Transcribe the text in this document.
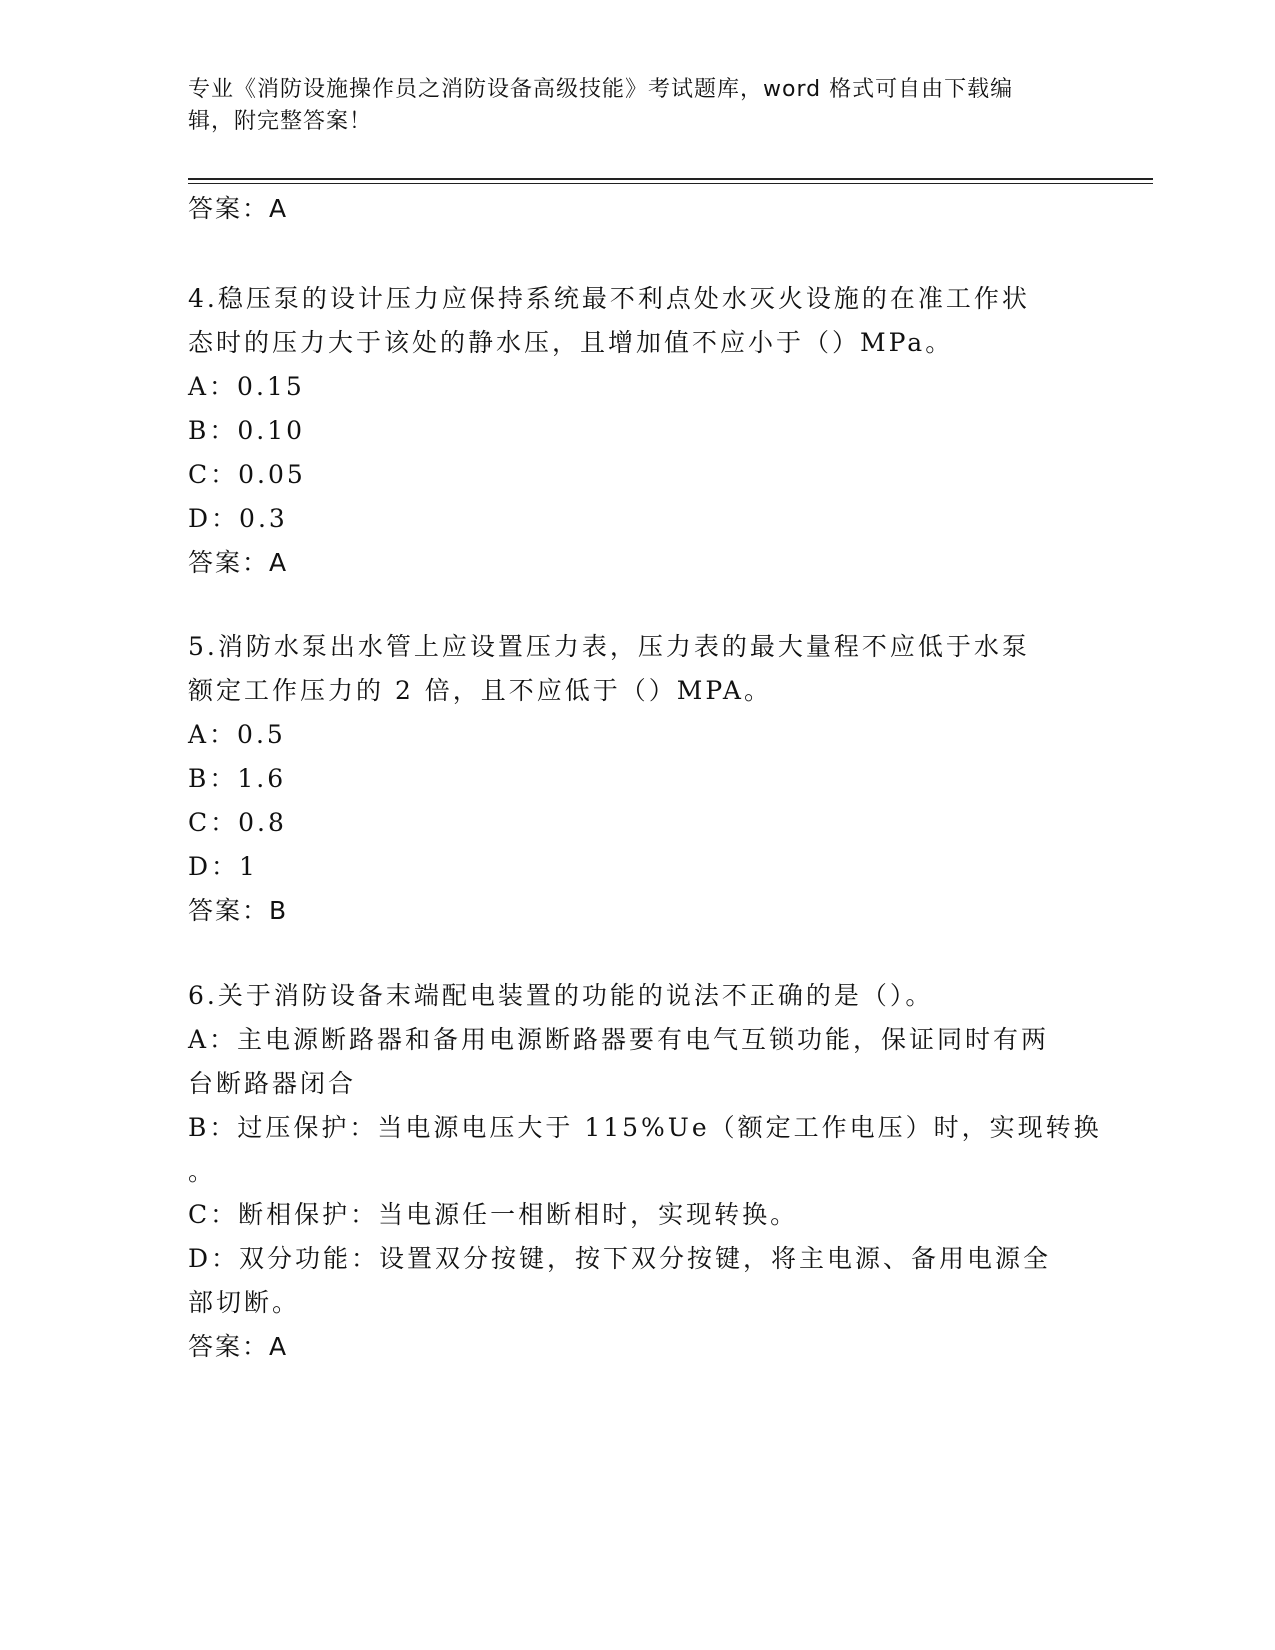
专业《消防设施操作员之消防设备高级技能》考试题库，word 格式可自由下载编
辑，附完整答案！
答案：A
4.稳压泵的设计压力应保持系统最不利点处水灭火设施的在准工作状
态时的压力大于该处的静水压，且增加值不应小于（）MPa。
A：0.15
B：0.10
C：0.05
D：0.3
答案：A
5.消防水泵出水管上应设置压力表，压力表的最大量程不应低于水泵
额定工作压力的 2 倍，且不应低于（）MPA。
A：0.5
B：1.6
C：0.8
D：1
答案：B
6.关于消防设备末端配电装置的功能的说法不正确的是（）。
A：主电源断路器和备用电源断路器要有电气互锁功能，保证同时有两
台断路器闭合
B：过压保护：当电源电压大于 115%Ue（额定工作电压）时，实现转换
。
C：断相保护：当电源任一相断相时，实现转换。
D：双分功能：设置双分按键，按下双分按键，将主电源、备用电源全
部切断。
答案：A
